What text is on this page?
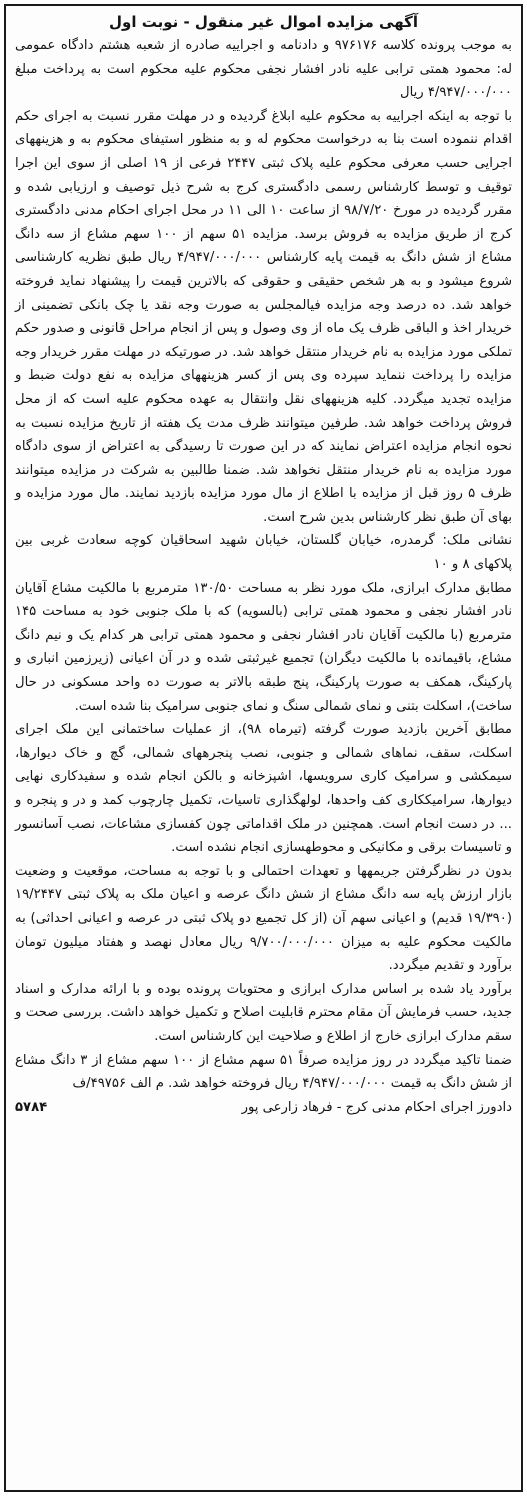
آگهی مزایده اموال غیر منقول - نوبت اول

به موجب پرونده کلاسه ۹۷۶۱۷۶ و دادنامه و اجراییه صادره از شعبه هشتم دادگاه عمومی له: محمود همتی ترابی علیه نادر افشار نجفی محکوم علیه محکوم است به پرداخت مبلغ ۴/۹۴۷/۰۰۰/۰۰۰ ریال

با توجه به اینکه اجراییه به محکوم علیه ابلاغ گردیده و در مهلت مقرر نسبت به اجرای حکم اقدام ننموده است بنا به درخواست محکوم له و به منظور استیفای محکوم به و هزینههای اجرایی حسب معرفی محکوم علیه پلاک ثبتی ۲۴۴۷ فرعی از ۱۹ اصلی از سوی این اجرا توقیف و توسط کارشناس رسمی دادگستری کرج به شرح ذیل توصیف و ارزیابی شده و مقرر گردیده در مورخ ۹۸/۷/۲۰ از ساعت ۱۰ الی ۱۱ در محل اجرای احکام مدنی دادگستری کرج از طریق مزایده به فروش برسد. مزایده ۵۱ سهم از ۱۰۰ سهم مشاع از سه دانگ مشاع از شش دانگ به قیمت پایه کارشناس ۴/۹۴۷/۰۰۰/۰۰۰ ریال طبق نظریه کارشناسی شروع میشود و به هر شخص حقیقی و حقوقی که بالاترین قیمت را پیشنهاد نماید فروخته خواهد شد. ده درصد وجه مزایده فیالمجلس به صورت وجه نقد یا چک بانکی تضمینی از خریدار اخذ و الباقی ظرف یک ماه از وی وصول و پس از انجام مراحل قانونی و صدور حکم تملکی مورد مزایده به نام خریدار منتقل خواهد شد. در صورتیکه در مهلت مقرر خریدار وجه مزایده را پرداخت ننماید سپرده وی پس از کسر هزینههای مزایده به نفع دولت ضبط و مزایده تجدید میگردد. کلیه هزینههای نقل وانتقال به عهده محکوم علیه است که از محل فروش پرداخت خواهد شد. طرفین میتوانند ظرف مدت یک هفته از تاریخ مزایده نسبت به نحوه انجام مزایده اعتراض نمایند که در این صورت تا رسیدگی به اعتراض از سوی دادگاه مورد مزایده به نام خریدار منتقل نخواهد شد. ضمنا طالبین به شرکت در مزایده میتوانند ظرف ۵ روز قبل از مزایده با اطلاع از مال مورد مزایده بازدید نمایند. مال مورد مزایده و بهای آن طبق نظر کارشناس بدین شرح است.

نشانی ملک: گرمدره، خیابان گلستان، خیابان شهید اسحاقیان کوچه سعادت غربی بین پلاکهای ۸ و ۱۰

مطابق مدارک ابرازی، ملک مورد نظر به مساحت ۱۳۰/۵۰ مترمربع با مالکیت مشاع آقایان نادر افشار نجفی و محمود همتی ترابی (بالسویه) که با ملک جنوبی خود به مساحت ۱۴۵ مترمربع (با مالکیت آقایان نادر افشار نجفی و محمود همتی ترابی هر کدام یک و نیم دانگ مشاع، باقیمانده با مالکیت دیگران) تجمیع غیرثبتی شده و در آن اعیانی (زیرزمین انباری و پارکینگ، همکف به صورت پارکینگ، پنج طبقه بالاتر به صورت ده واحد مسکونی در حال ساخت)، اسکلت بتنی و نمای شمالی سنگ و نمای جنوبی سرامیک بنا شده است.

مطابق آخرین بازدید صورت گرفته (تیرماه ۹۸)، از عملیات ساختمانی این ملک اجرای اسکلت، سقف، نماهای شمالی و جنوبی، نصب پنجرههای شمالی، گچ و خاک دیوارها، سیمکشی و سرامیک کاری سرویسها، اشپزخانه و بالکن انجام شده و سفیدکاری نهایی دیوارها، سرامیککاری کف واحدها، لولهگذاری تاسیات، تکمیل چارچوب کمد و در و پنجره و ... در دست انجام است. همچنین در ملک اقداماتی چون کفسازی مشاعات، نصب آسانسور و تاسیسات برقی و مکانیکی و محوطهسازی انجام نشده است.

بدون در نظرگرفتن جریمهها و تعهدات احتمالی و با توجه به مساحت، موقعیت و وضعیت بازار ارزش پایه سه دانگ مشاع از شش دانگ عرصه و اعیان ملک به پلاک ثبتی ۱۹/۲۴۴۷ (۱۹/۳۹۰ قدیم) و اعیانی سهم آن (از کل تجمیع دو پلاک ثبتی در عرصه و اعیانی احداثی) به مالکیت محکوم علیه به میزان ۹/۷۰۰/۰۰۰/۰۰۰ ریال معادل نهصد و هفتاد میلیون تومان برآورد و تقدیم میگردد.

برآورد یاد شده بر اساس مدارک ابرازی و محتویات پرونده بوده و با ارائه مدارک و اسناد جدید، حسب فرمایش آن مقام محترم قابلیت اصلاح و تکمیل خواهد داشت. بررسی صحت و سقم مدارک ابرازی خارج از اطلاع و صلاحیت این کارشناس است.

ضمنا تاکید میگردد در روز مزایده صرفاً ۵۱ سهم مشاع از ۱۰۰ سهم مشاع از ۳ دانگ مشاع از شش دانگ به قیمت ۴/۹۴۷/۰۰۰/۰۰۰ ریال فروخته خواهد شد. م الف ۴۹۷۵۶/ف

دادورز اجرای احکام مدنی کرج - فرهاد زارعی پور
۵۷۸۴
